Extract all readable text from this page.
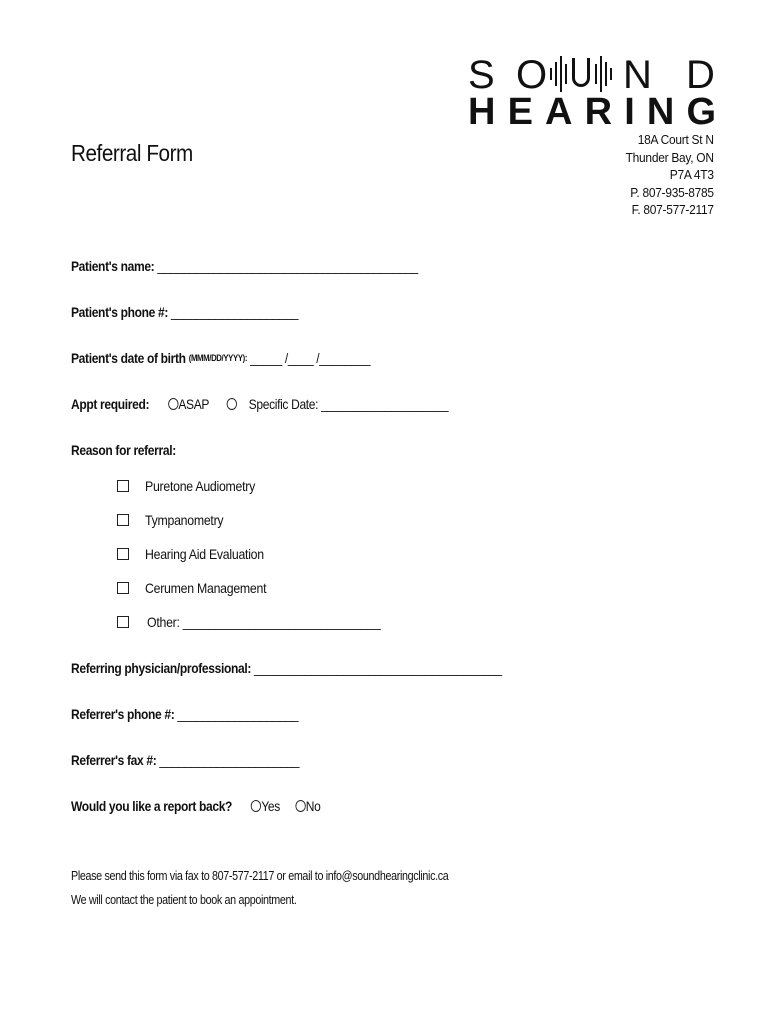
S O N D
HEARING
18A Court St N
Thunder Bay, ON
P7A 4T3
P. 807-935-8785
F. 807-577-2117
Referral Form
Patient's name:
_________________________________________
Patient's phone #:
____________________
Patient's date of birth
(MMM/DD/YYYY):
_____ /____ /________
Appt required: ASAP	Specific Date:
____________________
Reason for referral:
Puretone Audiometry
Tympanometry
Hearing Aid Evaluation
Cerumen Management
Other: ______________________________
Referring physician/professional:
_______________________________________
Referrer's phone #:
___________________
Referrer's fax #:
______________________
Would you like a report back? Yes No
Please send this form via fax to 807-577-2117 or email to info@soundhearingclinic.ca
We will contact the patient to book an appointment.
